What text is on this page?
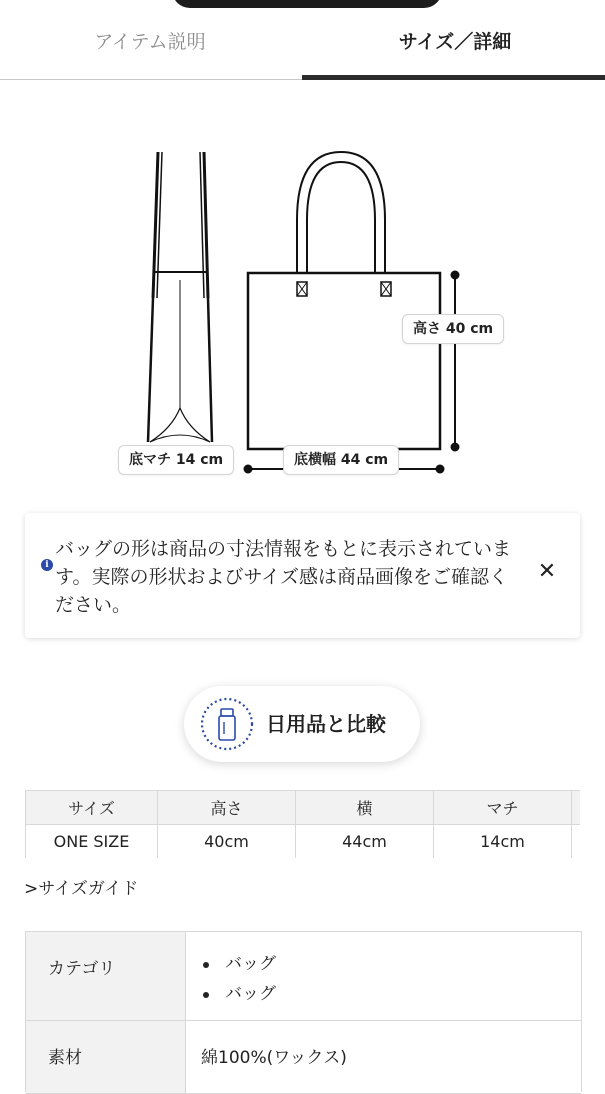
アイテム説明	サイズ／詳細
底マチ 14 cm
高さ 40 cm
底横幅 44 cm
i
バッグの形は商品の寸法情報をもとに表示されています。実際の形状およびサイズ感は商品画像をご確認ください。
✕
日用品と比較
サイズ	高さ	横	マチ	
ONE SIZE	40cm	44cm	14cm	
>サイズガイド
カテゴリ	バッグ
バッグ
素材	綿100%(ワックス)
